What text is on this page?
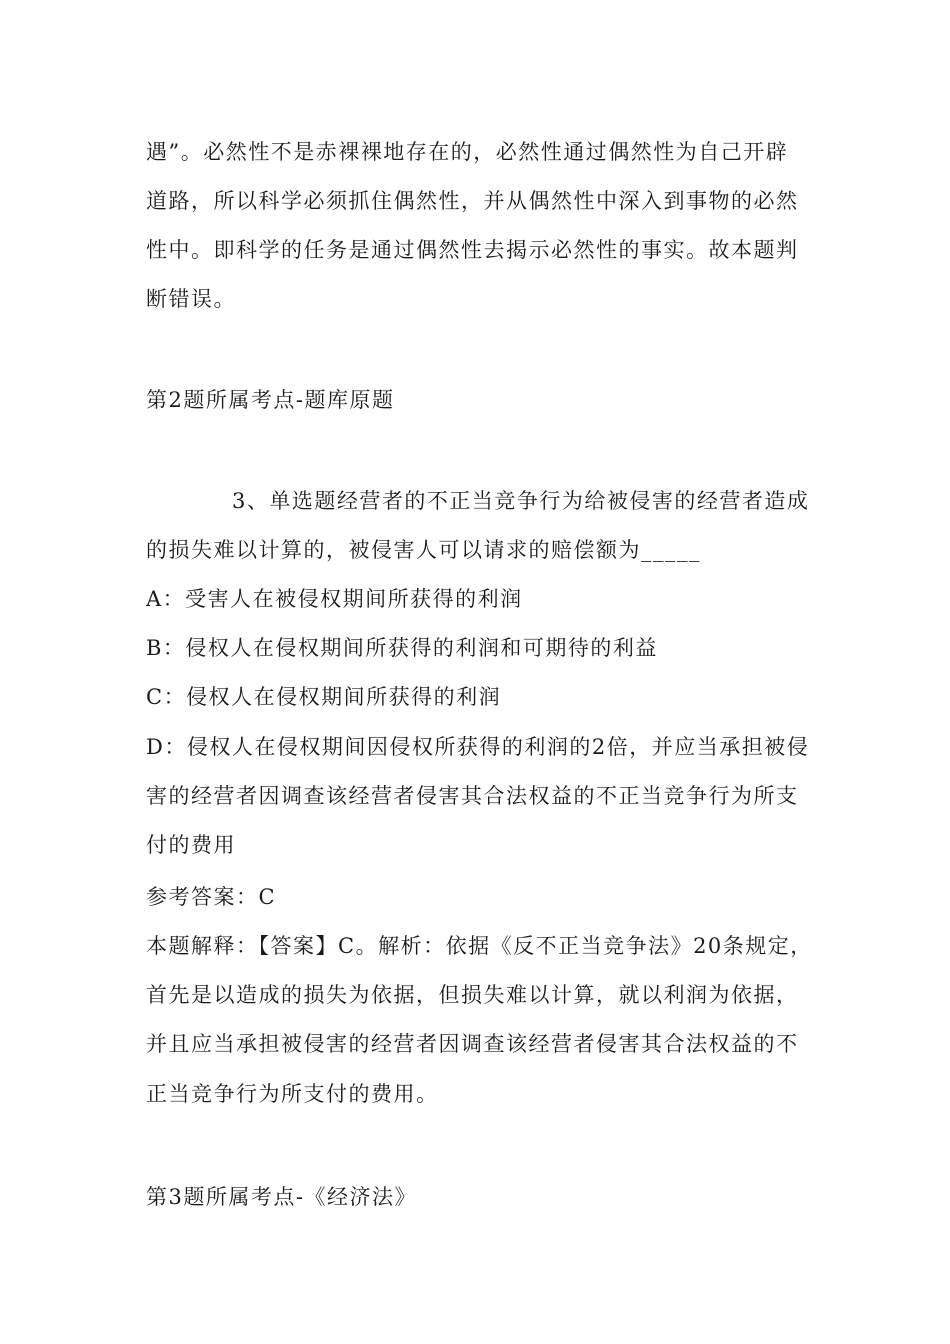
遇”。必然性不是赤裸裸地存在的，必然性通过偶然性为自己开辟
道路，所以科学必须抓住偶然性，并从偶然性中深入到事物的必然
性中。即科学的任务是通过偶然性去揭示必然性的事实。故本题判
断错误。
第2题所属考点-题库原题
3、单选题经营者的不正当竞争行为给被侵害的经营者造成
的损失难以计算的，被侵害人可以请求的赔偿额为_____
A：受害人在被侵权期间所获得的利润
B：侵权人在侵权期间所获得的利润和可期待的利益
C：侵权人在侵权期间所获得的利润
D：侵权人在侵权期间因侵权所获得的利润的2倍，并应当承担被侵
害的经营者因调查该经营者侵害其合法权益的不正当竞争行为所支
付的费用
参考答案：C
本题解释：【答案】C。解析：依据《反不正当竞争法》20条规定，
首先是以造成的损失为依据，但损失难以计算，就以利润为依据，
并且应当承担被侵害的经营者因调查该经营者侵害其合法权益的不
正当竞争行为所支付的费用。
第3题所属考点-《经济法》
